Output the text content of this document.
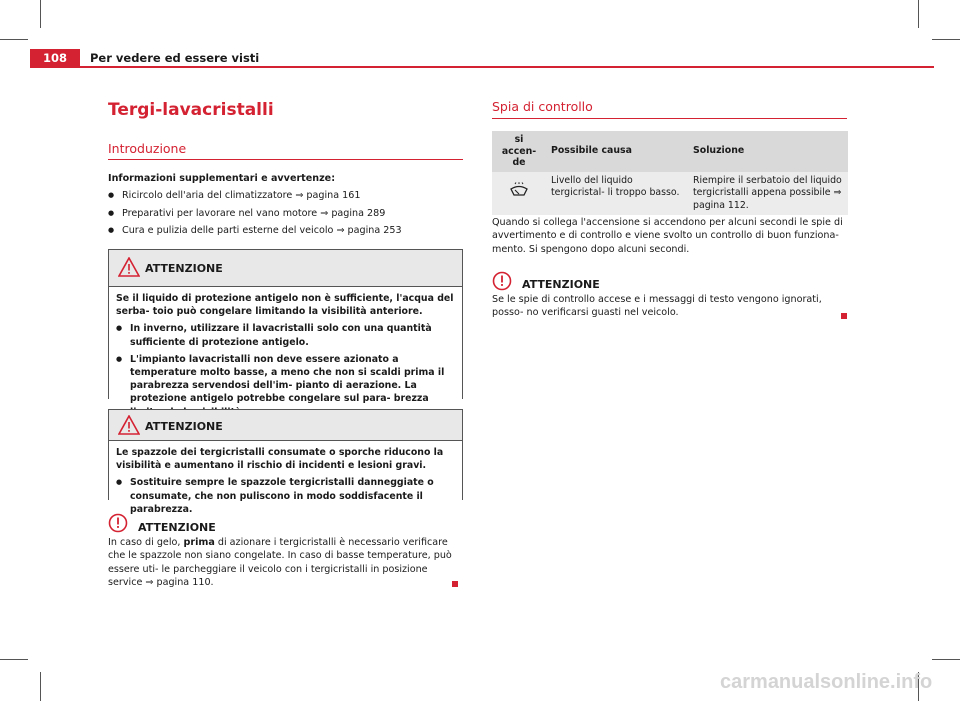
108	Per vedere ed essere visti
Tergi-lavacristalli
Introduzione
Informazioni supplementari e avvertenze:
● Ricircolo dell'aria del climatizzatore ⇒ pagina 161
● Preparativi per lavorare nel vano motore ⇒ pagina 289
● Cura e pulizia delle parti esterne del veicolo ⇒ pagina 253
ATTENZIONE

Se il liquido di protezione antigelo non è sufficiente, l'acqua del serba- toio può congelare limitando la visibilità anteriore.

● In inverno, utilizzare il lavacristalli solo con una quantità sufficiente di protezione antigelo.
● L'impianto lavacristalli non deve essere azionato a temperature molto basse, a meno che non si scaldi prima il parabrezza servendosi dell'im- pianto di aerazione. La protezione antigelo potrebbe congelare sul para- brezza
ATTENZIONE

Le spazzole dei tergicristalli consumate o sporche riducono la visibilità e aumentano il rischio di incidenti e lesioni gravi.

● Sostituire sempre le spazzole tergicristalli danneggiate o consumate, che non puliscono in modo soddisfacente il parabrezza.
ATTENZIONE
In caso di gelo, prima di azionare i tergicristalli è necessario verificare che le spazzole non siano congelate. In caso di basse temperature, può essere uti- le parcheggiare il veicolo con i tergicristalli in posizione service ⇒ pagina 110.
Spia di controllo
si accen- de	Possibile causa	Soluzione
	Livello del liquido tergicristal- li troppo basso.	Riempire il serbatoio del liquido tergicristalli appena possibile ⇒ pagina 112.
Quando si collega l'accensione si accendono per alcuni secondi le spie di avvertimento e di controllo e viene svolto un controllo di buon funziona- mento. Si spengono dopo alcuni secondi.
ATTENZIONE
Se le spie di controllo accese e i messaggi di testo vengono ignorati, posso- no verificarsi guasti nel veicolo.
carmanualsonline.info
